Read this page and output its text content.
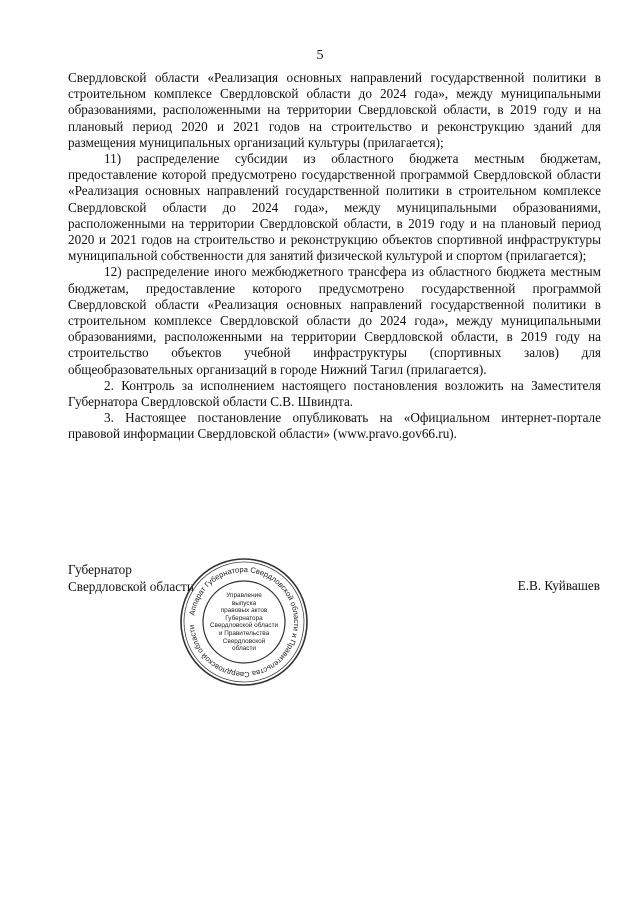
5

Свердловской области «Реализация основных направлений государственной политики в строительном комплексе Свердловской области до 2024 года», между муниципальными образованиями, расположенными на территории Свердловской области, в 2019 году и на плановый период 2020 и 2021 годов на строительство и реконструкцию зданий для размещения муниципальных организаций культуры (прилагается);

11) распределение субсидии из областного бюджета местным бюджетам, предоставление которой предусмотрено государственной программой Свердловской области «Реализация основных направлений государственной политики в строительном комплексе Свердловской области до 2024 года», между муниципальными образованиями, расположенными на территории Свердловской области, в 2019 году и на плановый период 2020 и 2021 годов на строительство и реконструкцию объектов спортивной инфраструктуры муниципальной собственности для занятий физической культурой и спортом (прилагается);

12) распределение иного межбюджетного трансфера из областного бюджета местным бюджетам, предоставление которого предусмотрено государственной программой Свердловской области «Реализация основных направлений государственной политики в строительном комплексе Свердловской области до 2024 года», между муниципальными образованиями, расположенными на территории Свердловской области, в 2019 году на строительство объектов учебной инфраструктуры (спортивных залов) для общеобразовательных организаций в городе Нижний Тагил (прилагается).

2. Контроль за исполнением настоящего постановления возложить на Заместителя Губернатора Свердловской области С.В. Швиндта.

3. Настоящее постановление опубликовать на «Официальном интернет-портале правовой информации Свердловской области» (www.pravo.gov66.ru).

Губернатор
Свердловской области	Е.В. Куйвашев
Аппарат Губернатора Свердловской области и Правительства Свердловской области
Управление
выпуска
правовых актов
Губернатора
Свердловской области
и Правительства
Свердловской
области
